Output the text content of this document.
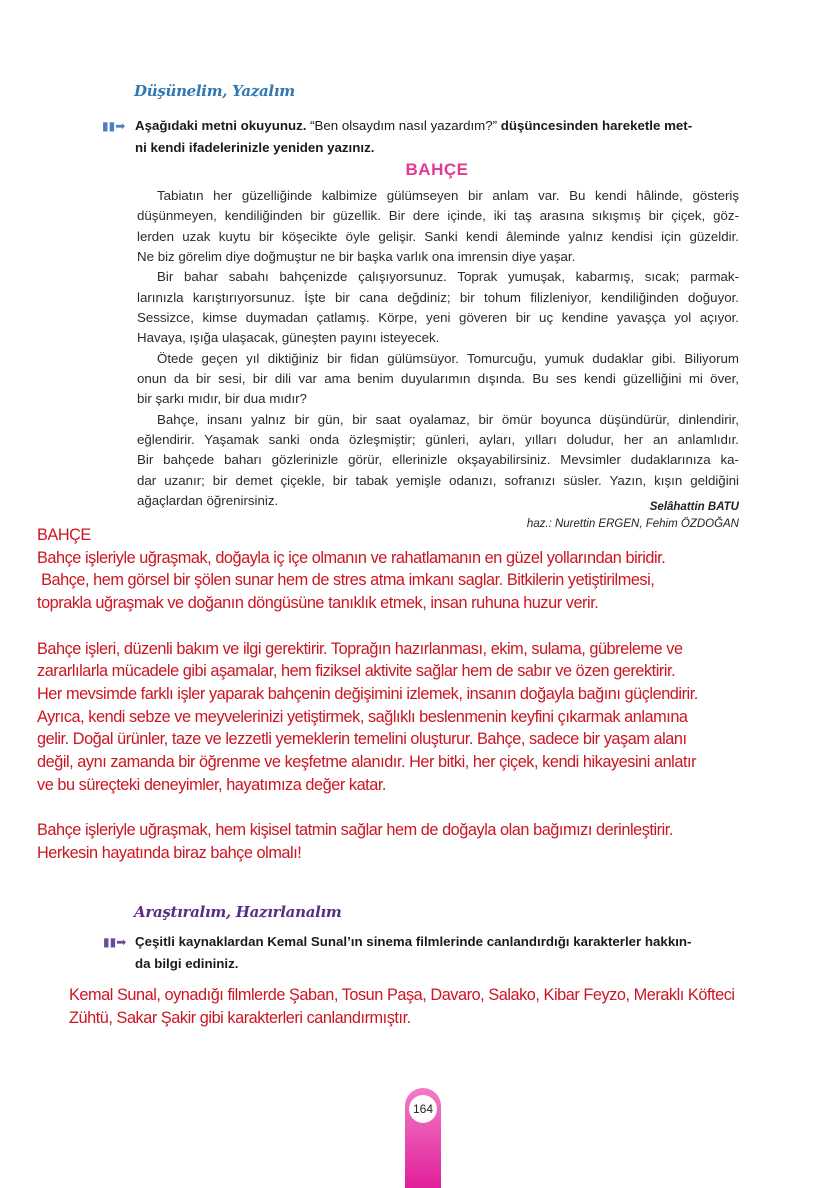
Düşünelim, Yazalım
▮▮➡ Aşağıdaki metni okuyunuz. “Ben olsaydım nasıl yazardım?” düşüncesinden hareketle met-
ni kendi ifadelerinizle yeniden yazınız.
BAHÇE
Tabiatın her güzelliğinde kalbimize gülümseyen bir anlam var. Bu kendi hâlinde, gösteriş
düşünmeyen, kendiliğinden bir güzellik. Bir dere içinde, iki taş arasına sıkışmış bir çiçek, göz-
lerden uzak kuytu bir köşecikte öyle gelişir. Sanki kendi âleminde yalnız kendisi için güzeldir.
Ne biz görelim diye doğmuştur ne bir başka varlık ona imrensin diye yaşar.
Bir bahar sabahı bahçenizde çalışıyorsunuz. Toprak yumuşak, kabarmış, sıcak; parmak-
larınızla karıştırıyorsunuz. İşte bir cana değdiniz; bir tohum filizleniyor, kendiliğinden doğuyor.
Sessizce, kimse duymadan çatlamış. Körpe, yeni göveren bir uç kendine yavaşça yol açıyor.
Havaya, ışığa ulaşacak, güneşten payını isteyecek.
Ötede geçen yıl diktiğiniz bir fidan gülümsüyor. Tomurcuğu, yumuk dudaklar gibi. Biliyorum
onun da bir sesi, bir dili var ama benim duyularımın dışında. Bu ses kendi güzelliğini mi över,
bir şarkı mıdır, bir dua mıdır?
Bahçe, insanı yalnız bir gün, bir saat oyalamaz, bir ömür boyunca düşündürür, dinlendirir,
eğlendirir. Yaşamak sanki onda özleşmiştir; günleri, ayları, yılları doludur, her an anlamlıdır.
Bir bahçede baharı gözlerinizle görür, ellerinizle okşayabilirsiniz. Mevsimler dudaklarınıza ka-
dar uzanır; bir demet çiçekle, bir tabak yemişle odanızı, sofranızı süsler. Yazın, kışın geldiğini
ağaçlardan öğrenirsiniz.	Selâhattin BATU
haz.: Nurettin ERGEN, Fehim ÖZDOĞAN
BAHÇE
Bahçe işleriyle uğraşmak, doğayla iç içe olmanın ve rahatlamanın en güzel yollarından biridir.
Bahçe, hem görsel bir şölen sunar hem de stres atma imkanı saglar. Bitkilerin yetiştirilmesi,
toprakla uğraşmak ve doğanın döngüsüne tanıklık etmek, insan ruhuna huzur verir.
Bahçe işleri, düzenli bakım ve ilgi gerektirir. Toprağın hazırlanması, ekim, sulama, gübreleme ve
zararlılarla mücadele gibi aşamalar, hem fiziksel aktivite sağlar hem de sabır ve özen gerektirir.
Her mevsimde farklı işler yaparak bahçenin değişimini izlemek, insanın doğayla bağını güçlendirir.
Ayrıca, kendi sebze ve meyvelerinizi yetiştirmek, sağlıklı beslenmenin keyfini çıkarmak anlamına
gelir. Doğal ürünler, taze ve lezzetli yemeklerin temelini oluşturur. Bahçe, sadece bir yaşam alanı
değil, aynı zamanda bir öğrenme ve keşfetme alanıdır. Her bitki, her çiçek, kendi hikayesini anlatır
ve bu süreçteki deneyimler, hayatımıza değer katar.
Bahçe işleriyle uğraşmak, hem kişisel tatmin sağlar hem de doğayla olan bağımızı derinleştirir.
Herkesin hayatında biraz bahçe olmalı!
Araştıralım, Hazırlanalım
▮▮➡ Çeşitli kaynaklardan Kemal Sunal’ın sinema filmlerinde canlandırdığı karakterler hakkın-
da bilgi edininiz.
Kemal Sunal, oynadığı filmlerde Şaban, Tosun Paşa, Davaro, Salako, Kibar Feyzo, Meraklı Köfteci
Zühtü, Sakar Şakir gibi karakterleri canlandırmıştır.
164
